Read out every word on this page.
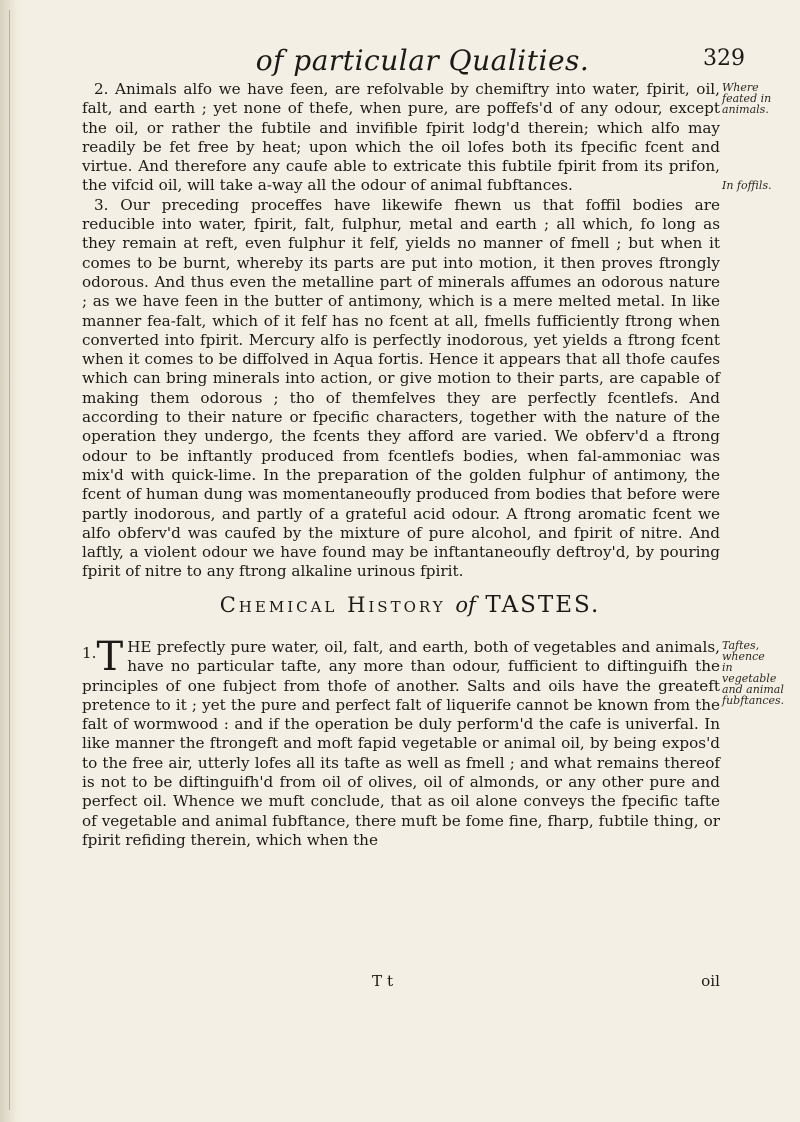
of particular Qualities.	329

2. Animals alfo we have feen, are refolvable by chemiftry into water, fpirit, oil, falt, and earth ; yet none of thefe, when pure, are poffefs'd of any odour, except the oil, or rather the fubtile and invifible fpirit lodg'd therein; which alfo may readily be fet free by heat; upon which the oil lofes both its fpecific fcent and virtue. And therefore any caufe able to extricate this fubtile fpirit from its prifon, the vifcid oil, will take a-way all the odour of animal fubftances.

3. Our preceding proceffes have likewife fhewn us that foffil bodies are reducible into water, fpirit, falt, fulphur, metal and earth ; all which, fo long as they remain at reft, even fulphur it felf, yields no manner of fmell ; but when it comes to be burnt, whereby its parts are put into motion, it then proves ftrongly odorous. And thus even the metalline part of minerals affumes an odorous nature ; as we have feen in the butter of antimony, which is a mere melted metal. In like manner fea-falt, which of it felf has no fcent at all, fmells fufficiently ftrong when converted into fpirit. Mercury alfo is perfectly inodorous, yet yields a ftrong fcent when it comes to be diffolved in Aqua fortis. Hence it appears that all thofe caufes which can bring minerals into action, or give motion to their parts, are capable of making them odorous ; tho of themfelves they are perfectly fcentlefs. And according to their nature or fpecific characters, together with the nature of the operation they undergo, the fcents they afford are varied. We obferv'd a ftrong odour to be inftantly produced from fcentlefs bodies, when fal-ammoniac was mix'd with quick-lime. In the preparation of the golden fulphur of antimony, the fcent of human dung was momentaneoufly produced from bodies that before were partly inodorous, and partly of a grateful acid odour. A ftrong aromatic fcent we alfo obferv'd was caufed by the mixture of pure alcohol, and fpirit of nitre. And laftly, a violent odour we have found may be inftantaneoufly deftroy'd, by pouring fpirit of nitre to any ftrong alkaline urinous fpirit.

Where feated in
animals.
In foffils.
Chemical History of TASTES.
1. T HE prefectly pure water, oil, falt, and earth, both of vegetables and animals, have no particular tafte, any more than odour, fufficient to diftinguifh the principles of one fubject from thofe of another. Salts and oils have the greateft pretence to it ; yet the pure and perfect falt of liquerife cannot be known from the falt of wormwood : and if the operation be duly perform'd the cafe is univerfal. In like manner the ftrongeft and moft fapid vegetable or animal oil, by being expos'd to the free air, utterly lofes all its tafte as well as fmell ; and what remains thereof is not to be diftinguifh'd from oil of olives, oil of almonds, or any other pure and perfect oil. Whence we muft conclude, that as oil alone conveys the fpecific tafte of vegetable and animal fubftance, there muft be fome fine, fharp, fubtile thing, or fpirit refiding therein, which when the
Taftes, whence
in vegetable
and animal
fubftances.
T t	oil
